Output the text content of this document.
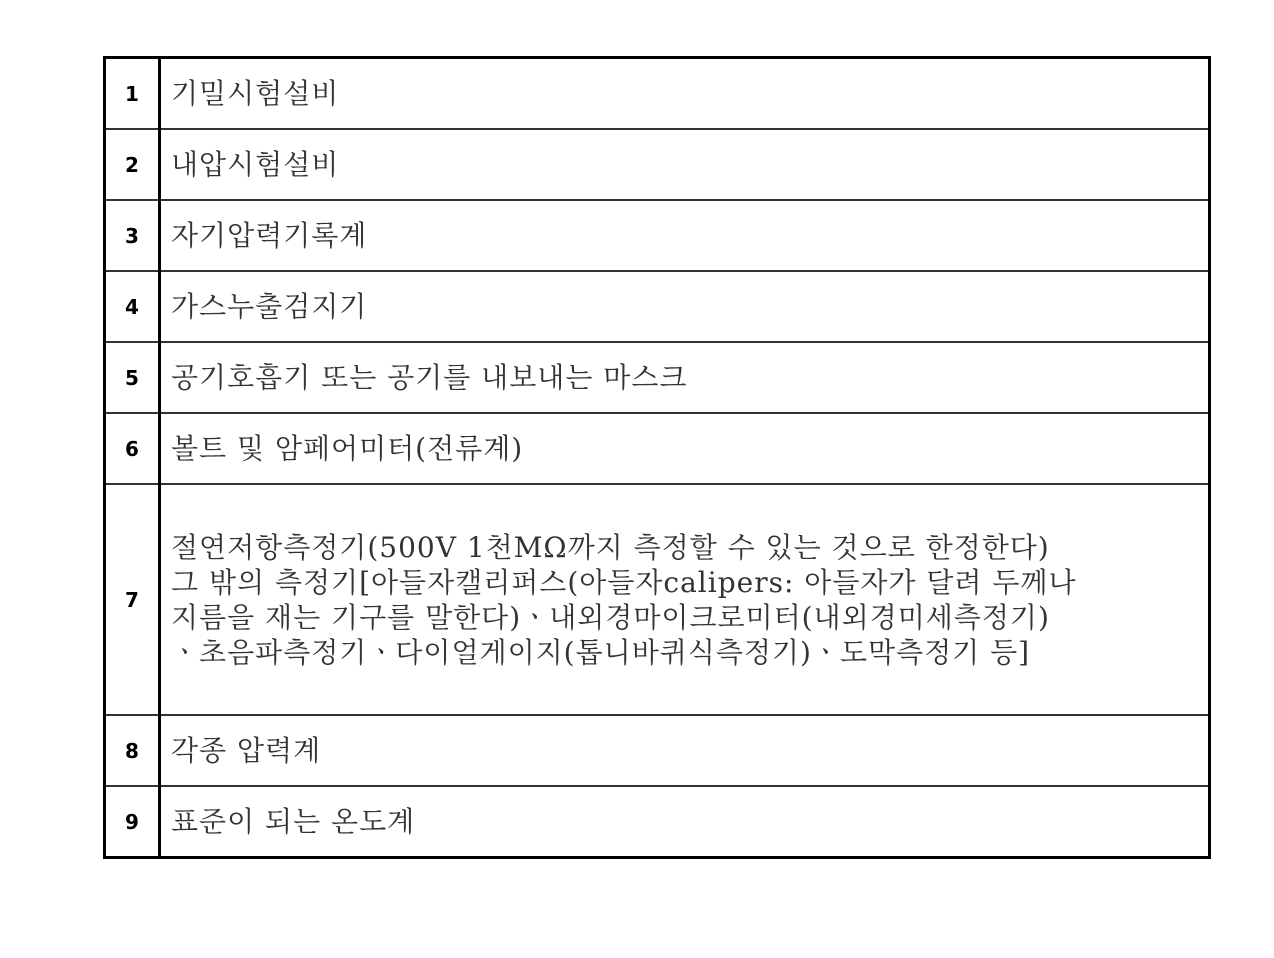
1	기밀시험설비

2	내압시험설비

3	자기압력기록계

4	가스누출검지기

5	공기호흡기 또는 공기를 내보내는 마스크

6	볼트 및 암페어미터(전류계)

7	절연저항측정기(500V 1천MΩ까지 측정할 수 있는 것으로 한정한다)
그 밖의 측정기[아들자캘리퍼스(아들자calipers: 아들자가 달려 두께나
지름을 재는 기구를 말한다)ㆍ내외경마이크로미터(내외경미세측정기)
ㆍ초음파측정기ㆍ다이얼게이지(톱니바퀴식측정기)ㆍ도막측정기 등]

8	각종 압력계

9	표준이 되는 온도계
